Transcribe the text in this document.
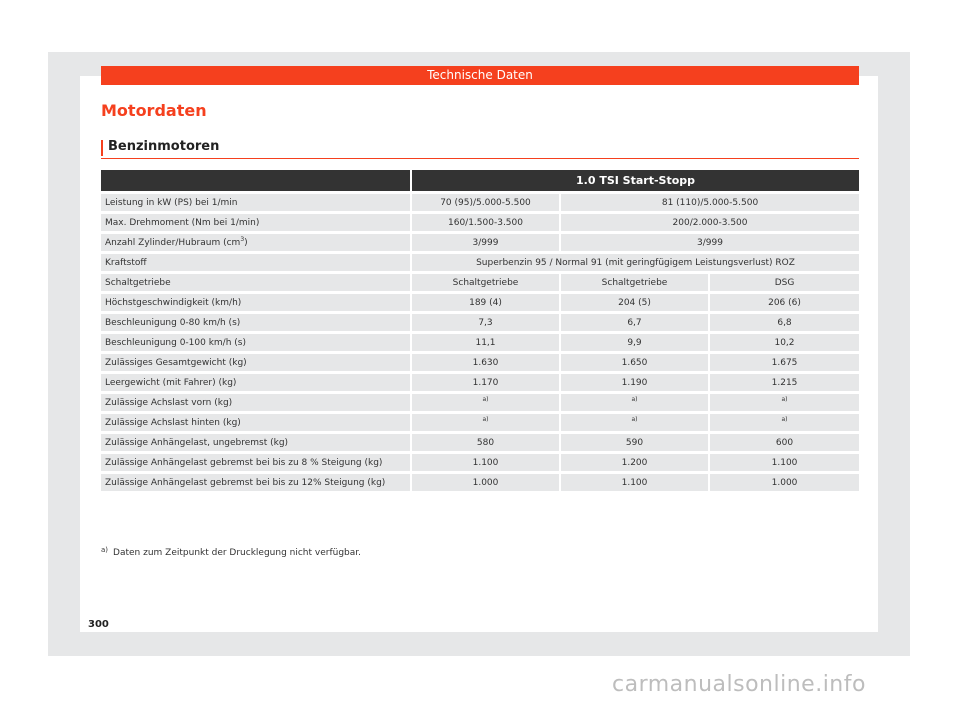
Technische Daten
Motordaten
Benzinmotoren
	1.0 TSI Start-Stopp		
Leistung in kW (PS) bei 1/min	70 (95)/5.000-5.500	81 (110)/5.000-5.500	
Max. Drehmoment (Nm bei 1/min)	160/1.500-3.500	200/2.000-3.500	
Anzahl Zylinder/Hubraum $(cm^3)$	3/999	3/999	
Kraftstoff	Superbenzin 95 / Normal 91 (mit geringfügigem Leistungsverlust) ROZ		
Schaltgetriebe	Schaltgetriebe	Schaltgetriebe	DSG
Höchstgeschwindigkeit (km/h)	189 (4)	204 (5)	206 (6)
Beschleunigung 0-80 km/h (s)	7,3	6,7	6,8
Beschleunigung 0-100 km/h (s)	11,1	9,9	10,2
Zulässiges Gesamtgewicht (kg)	1.630	1.650	1.675
Leergewicht (mit Fahrer) (kg)	1.170	1.190	1.215
Zulässige Achslast vorn (kg)	$^{a)}$	$^{a)}$	$^{a)}$
Zulässige Achslast hinten (kg)	$^{a)}$	$^{a)}$	$^{a)}$
Zulässige Anhängelast, ungebremst (kg)	580	590	600
Zulässige Anhängelast gebremst bei bis zu 8 % Steigung (kg)	1.100	1.200	1.100
Zulässige Anhängelast gebremst bei bis zu 12% Steigung (kg)	1.000	1.100	1.000
$^{a)}$ Daten zum Zeitpunkt der Drucklegung nicht verfügbar.
300
carmanualsonline.info
